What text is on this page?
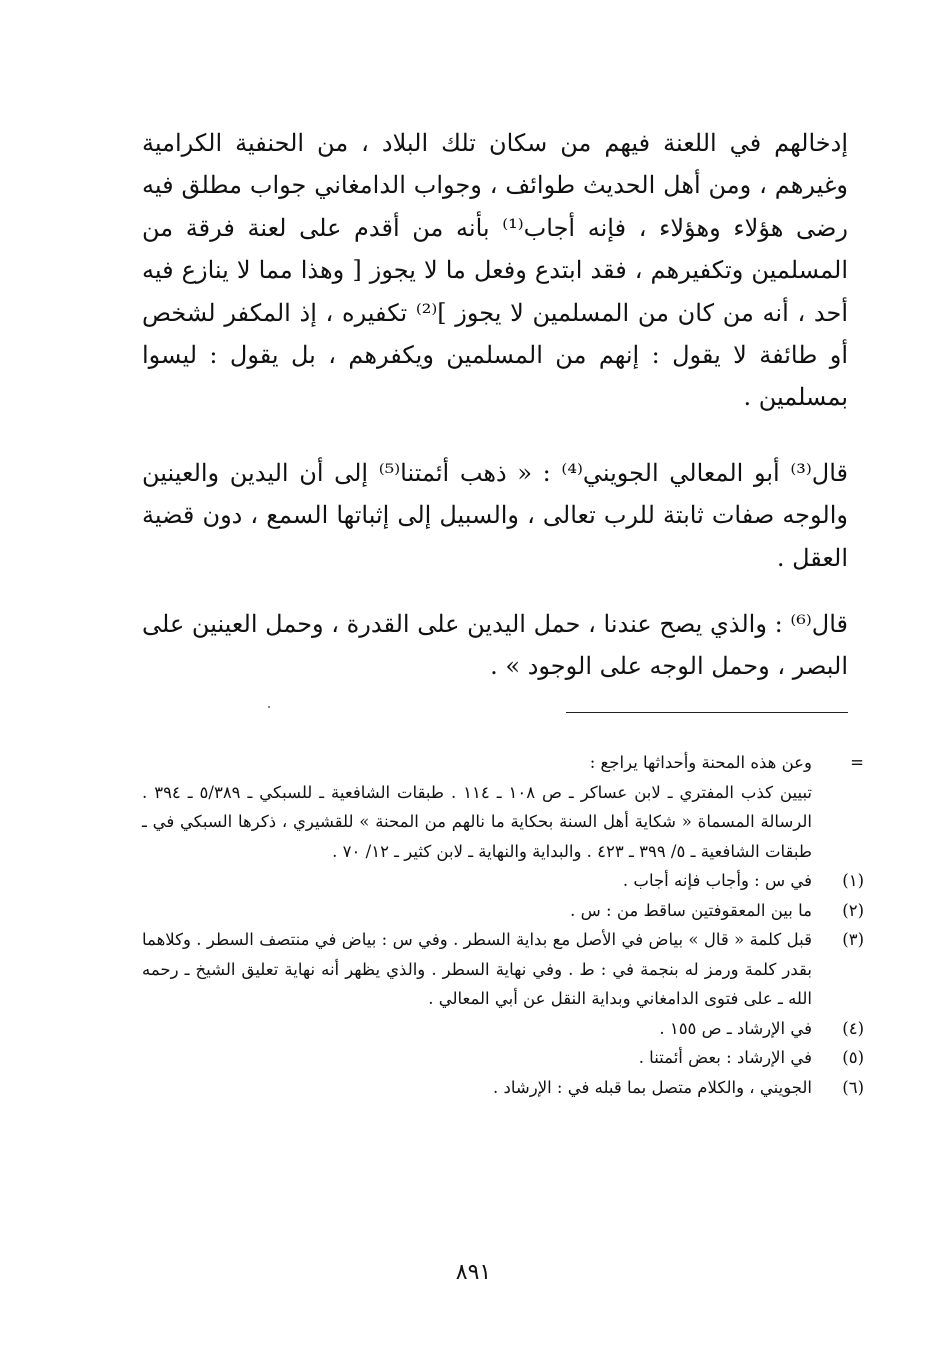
إدخالهم في اللعنة فيهم من سكان تلك البلاد ، من الحنفية الكرامية وغيرهم ، ومن أهل الحديث طوائف ، وجواب الدامغاني جواب مطلق فيه رضى هؤلاء وهؤلاء ، فإنه أجاب⁽¹⁾ بأنه من أقدم على لعنة فرقة من المسلمين وتكفيرهم ، فقد ابتدع وفعل ما لا يجوز [ وهذا مما لا ينازع فيه أحد ، أنه من كان من المسلمين لا يجوز ]⁽²⁾ تكفيره ، إذ المكفر لشخص أو طائفة لا يقول : إنهم من المسلمين ويكفرهم ، بل يقول : ليسوا بمسلمين .

قال⁽³⁾ أبو المعالي الجويني⁽⁴⁾ : « ذهب أئمتنا⁽⁵⁾ إلى أن اليدين والعينين والوجه صفات ثابتة للرب تعالى ، والسبيل إلى إثباتها السمع ، دون قضية العقل .

قال⁽⁶⁾ : والذي يصح عندنا ، حمل اليدين على القدرة ، وحمل العينين على البصر ، وحمل الوجه على الوجود » .

=
وعن هذه المحنة وأحداثها يراجع :
تبيين كذب المفتري ـ لابن عساكر ـ ص ١٠٨ ـ ١١٤ . طبقات الشافعية ـ للسبكي ـ ٥/٣٨٩ ـ ٣٩٤ . الرسالة المسماة « شكاية أهل السنة بحكاية ما نالهم من المحنة » للقشيري ، ذكرها السبكي في ـ طبقات الشافعية ـ ٥/ ٣٩٩ ـ ٤٢٣ . والبداية والنهاية ـ لابن كثير ـ ١٢/ ٧٠ .
(١)
في س : وأجاب فإنه أجاب .
(٢)
ما بين المعقوفتين ساقط من : س .
(٣)
قبل كلمة « قال » بياض في الأصل مع بداية السطر . وفي س : بياض في منتصف السطر . وكلاهما بقدر كلمة ورمز له بنجمة في : ط . وفي نهاية السطر . والذي يظهر أنه نهاية تعليق الشيخ ـ رحمه الله ـ على فتوى الدامغاني وبداية النقل عن أبي المعالي .
(٤)
في الإرشاد ـ ص ١٥٥ .
(٥)
في الإرشاد : بعض أئمتنا .
(٦)
الجويني ، والكلام متصل بما قبله في : الإرشاد .
٨٩١
